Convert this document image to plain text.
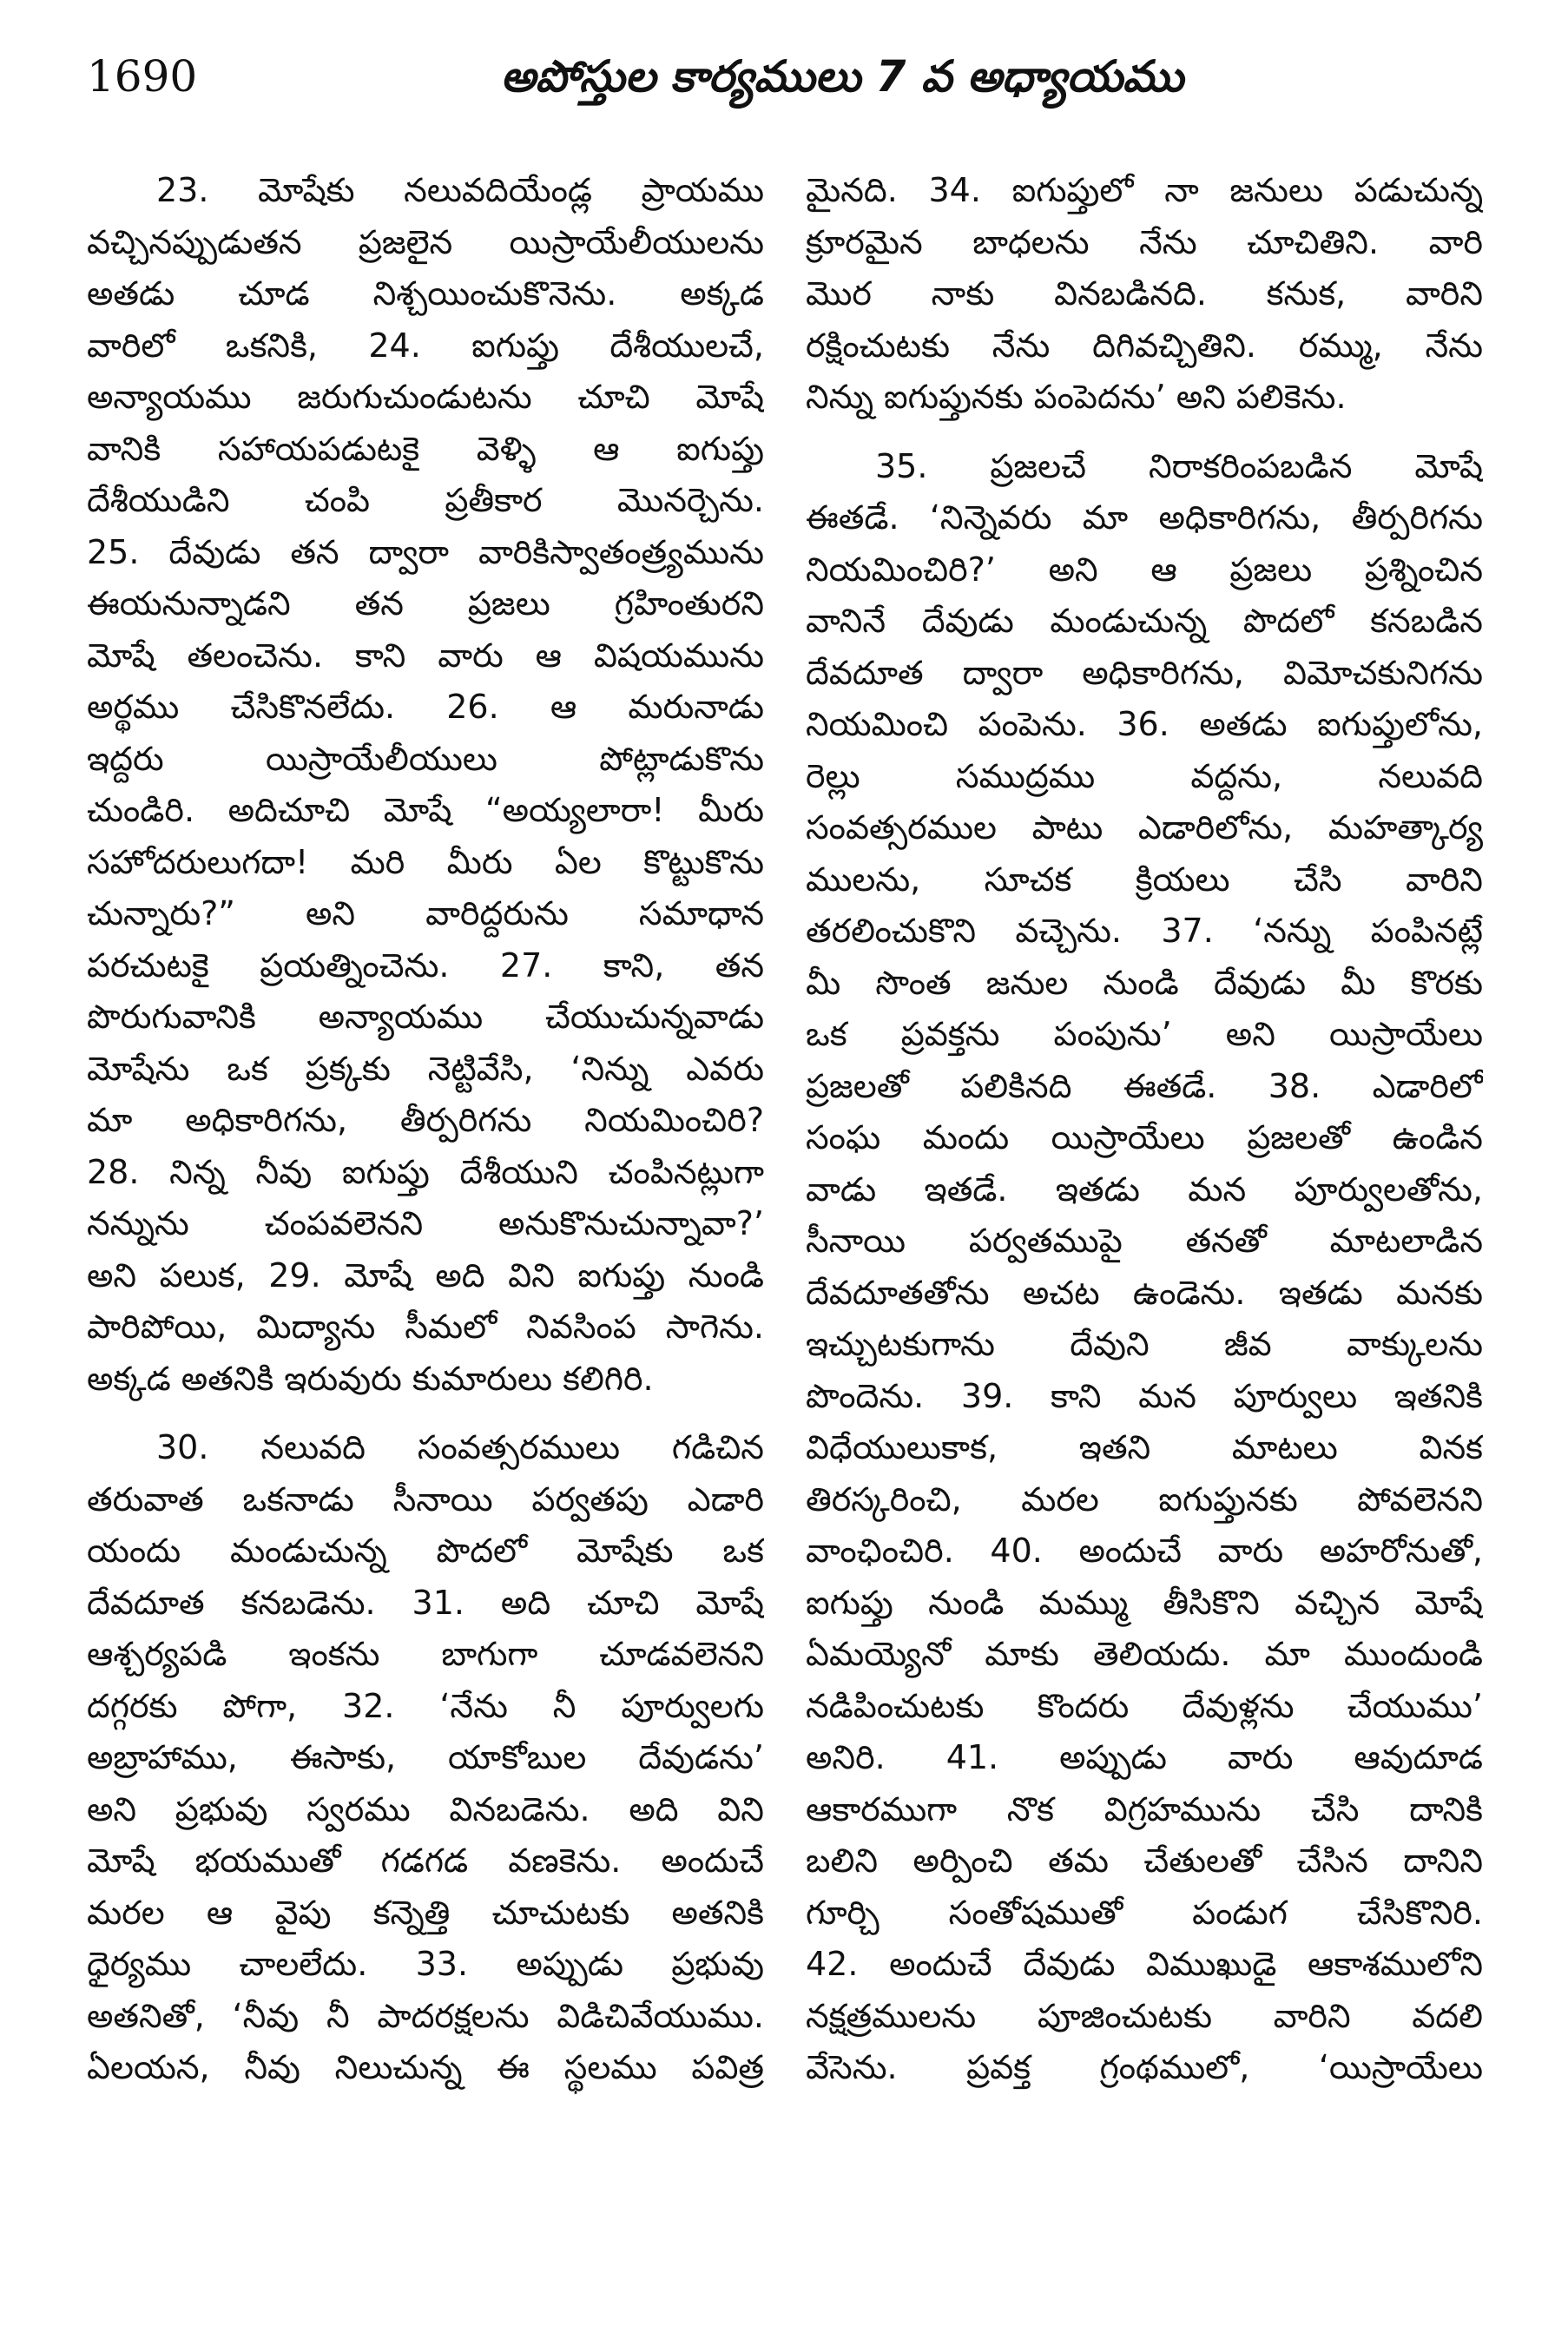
1690	అపోస్తుల కార్యములు 7 వ అధ్యాయము
23. మోషేకు నలువదియేండ్ల ప్రాయము
వచ్చినప్పుడుతన ప్రజలైన యిస్రాయేలీయులను
అతడు చూడ నిశ్చయించుకొనెను. అక్కడ
వారిలో ఒకనికి, 24. ఐగుప్తు దేశీయులచే,
అన్యాయము జరుగుచుండుటను చూచి మోషే
వానికి సహాయపడుటకై వెళ్ళి ఆ ఐగుప్తు
దేశీయుడిని చంపి ప్రతీకార మొనర్చెను.
25. దేవుడు తన ద్వారా వారికిస్వాతంత్ర్యమును
ఈయనున్నాడని తన ప్రజలు గ్రహింతురని
మోషే తలంచెను. కాని వారు ఆ విషయమును
అర్థము చేసికొనలేదు. 26. ఆ మరునాడు
ఇద్దరు యిస్రాయేలీయులు పోట్లాడుకొను
చుండిరి. అదిచూచి మోషే “అయ్యలారా! మీరు
సహోదరులుగదా! మరి మీరు ఏల కొట్టుకొను
చున్నారు?” అని వారిద్దరును సమాధాన
పరచుటకై ప్రయత్నించెను. 27. కాని, తన
పొరుగువానికి అన్యాయము చేయుచున్నవాడు
మోషేను ఒక ప్రక్కకు నెట్టివేసి, ‘నిన్ను ఎవరు
మా అధికారిగను, తీర్పరిగను నియమించిరి?
28. నిన్న నీవు ఐగుప్తు దేశీయుని చంపినట్లుగా
నన్నును చంపవలెనని అనుకొనుచున్నావా?’
అని పలుక, 29. మోషే అది విని ఐగుప్తు నుండి
పారిపోయి, మిద్యాను సీమలో నివసింప సాగెను.
అక్కడ అతనికి ఇరువురు కుమారులు కలిగిరి.
30. నలువది సంవత్సరములు గడిచిన
తరువాత ఒకనాడు సీనాయి పర్వతపు ఎడారి
యందు మండుచున్న పొదలో మోషేకు ఒక
దేవదూత కనబడెను. 31. అది చూచి మోషే
ఆశ్చర్యపడి ఇంకను బాగుగా చూడవలెనని
దగ్గరకు పోగా, 32. ‘నేను నీ పూర్వులగు
అబ్రాహాము, ఈసాకు, యాకోబుల దేవుడను’
అని ప్రభువు స్వరము వినబడెను. అది విని
మోషే భయముతో గడగడ వణకెను. అందుచే
మరల ఆ వైపు కన్నెత్తి చూచుటకు అతనికి
ధైర్యము చాలలేదు. 33. అప్పుడు ప్రభువు
అతనితో, ‘నీవు నీ పాదరక్షలను విడిచివేయుము.
ఏలయన, నీవు నిలుచున్న ఈ స్థలము పవిత్ర
మైనది. 34. ఐగుప్తులో నా జనులు పడుచున్న
క్రూరమైన బాధలను నేను చూచితిని. వారి
మొర నాకు వినబడినది. కనుక, వారిని
రక్షించుటకు నేను దిగివచ్చితిని. రమ్ము, నేను
నిన్ను ఐగుప్తునకు పంపెదను’ అని పలికెను.
35. ప్రజలచే నిరాకరింపబడిన మోషే
ఈతడే. ‘నిన్నెవరు మా అధికారిగను, తీర్పరిగను
నియమించిరి?’ అని ఆ ప్రజలు ప్రశ్నించిన
వానినే దేవుడు మండుచున్న పొదలో కనబడిన
దేవదూత ద్వారా అధికారిగను, విమోచకునిగను
నియమించి పంపెను. 36. అతడు ఐగుప్తులోను,
రెల్లు సముద్రము వద్దను, నలువది
సంవత్సరముల పాటు ఎడారిలోను, మహత్కార్య
ములను, సూచక క్రియలు చేసి వారిని
తరలించుకొని వచ్చెను. 37. ‘నన్ను పంపినట్లే
మీ సొంత జనుల నుండి దేవుడు మీ కొరకు
ఒక ప్రవక్తను పంపును’ అని యిస్రాయేలు
ప్రజలతో పలికినది ఈతడే. 38. ఎడారిలో
సంఘ మందు యిస్రాయేలు ప్రజలతో ఉండిన
వాడు ఇతడే. ఇతడు మన పూర్వులతోను,
సీనాయి పర్వతముపై తనతో మాటలాడిన
దేవదూతతోను అచట ఉండెను. ఇతడు మనకు
ఇచ్చుటకుగాను దేవుని జీవ వాక్కులను
పొందెను. 39. కాని మన పూర్వులు ఇతనికి
విధేయులుకాక, ఇతని మాటలు వినక
తిరస్కరించి, మరల ఐగుప్తునకు పోవలెనని
వాంఛించిరి. 40. అందుచే వారు అహరోనుతో,
ఐగుప్తు నుండి మమ్ము తీసికొని వచ్చిన మోషే
ఏమయ్యెనో మాకు తెలియదు. మా ముందుండి
నడిపించుటకు కొందరు దేవుళ్లను చేయుము’
అనిరి. 41. అప్పుడు వారు ఆవుదూడ
ఆకారముగా నొక విగ్రహమును చేసి దానికి
బలిని అర్పించి తమ చేతులతో చేసిన దానిని
గూర్చి సంతోషముతో పండుగ చేసికొనిరి.
42. అందుచే దేవుడు విముఖుడై ఆకాశములోని
నక్షత్రములను పూజించుటకు వారిని వదలి
వేసెను. ప్రవక్త గ్రంథములో, ‘యిస్రాయేలు
